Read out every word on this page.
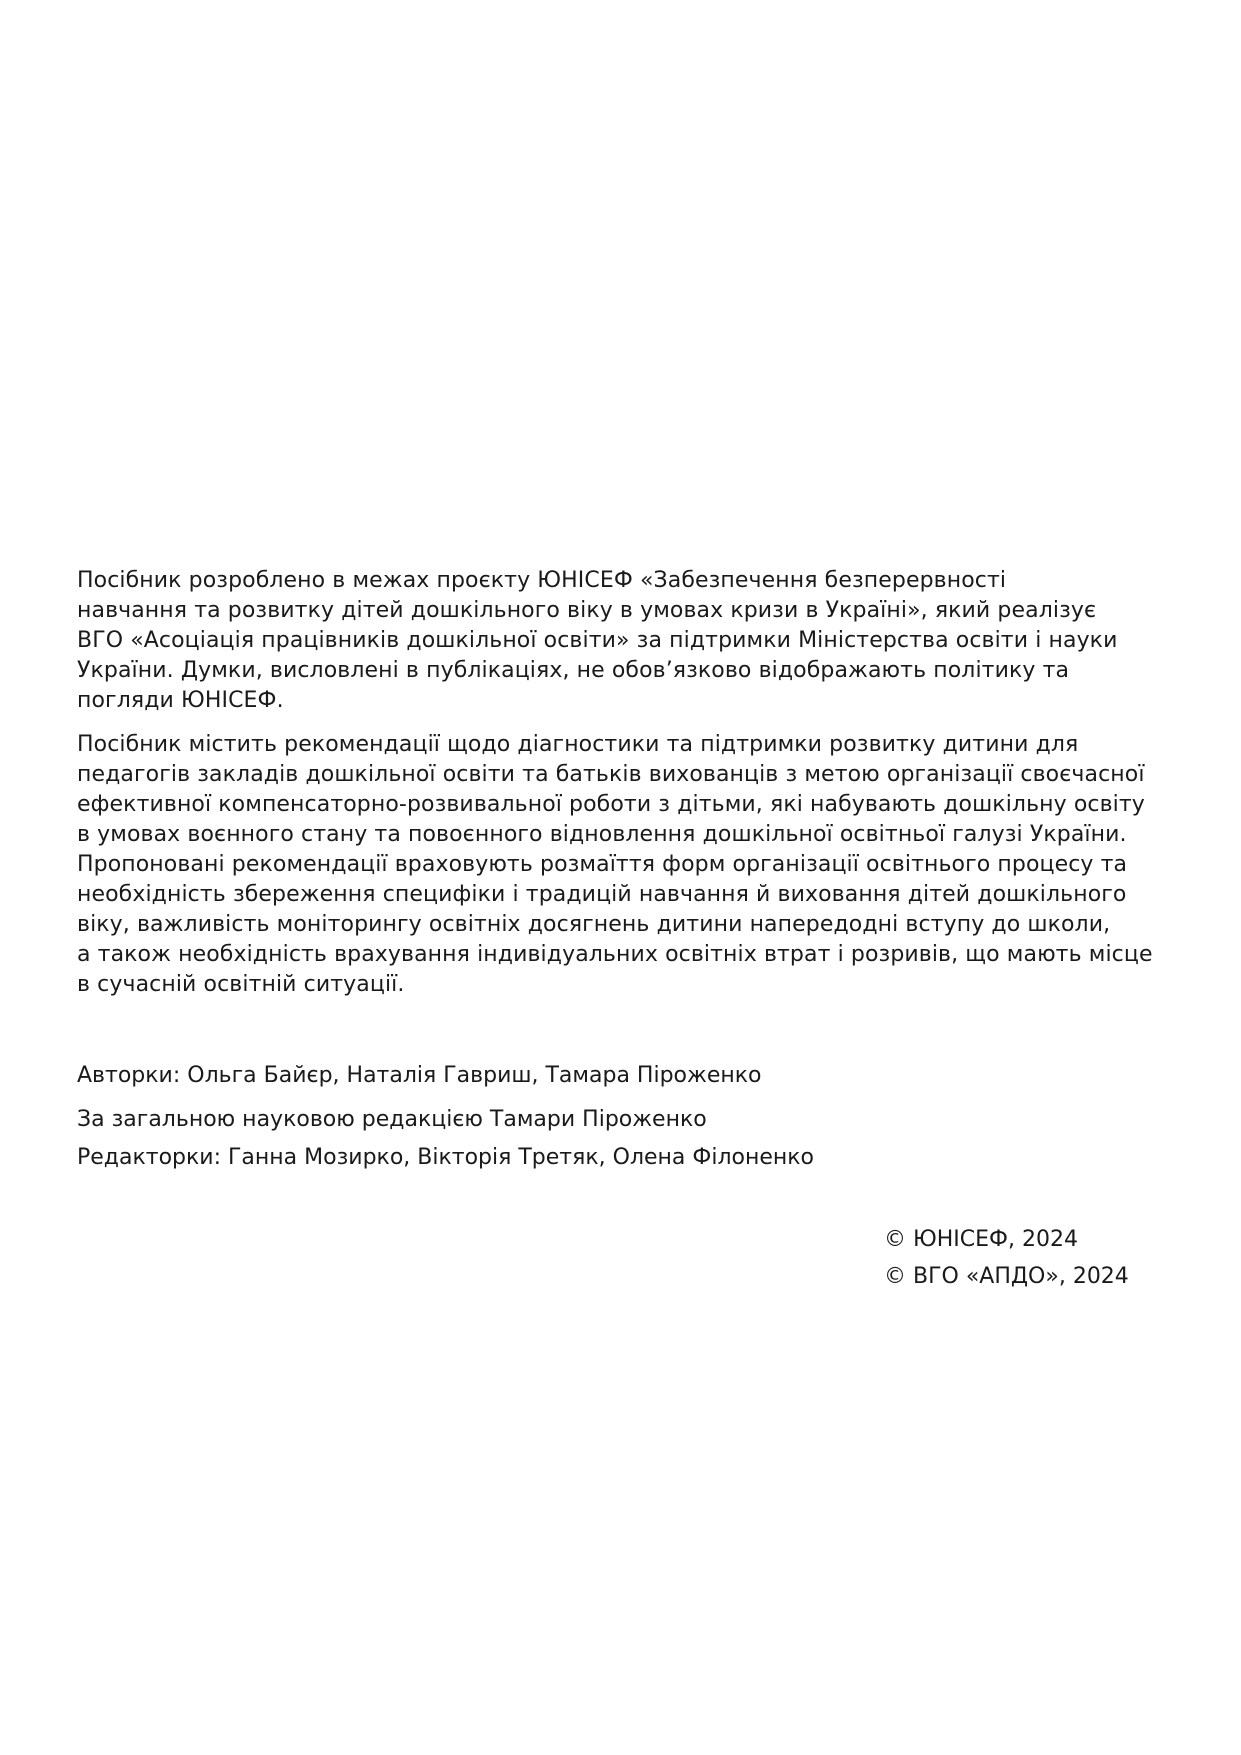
Посібник розроблено в межах проєкту ЮНІСЕФ «Забезпечення безперервності

навчання та розвитку дітей дошкільного віку в умовах кризи в Україні», який реалізує

ВГО «Асоціація працівників дошкільної освіти» за підтримки Міністерства освіти і науки

України. Думки, висловлені в публікаціях, не обов’язково відображають політику та

погляди ЮНІСЕФ.

Посібник містить рекомендації щодо діагностики та підтримки розвитку дитини для

педагогів закладів дошкільної освіти та батьків вихованців з метою організації своєчасної

ефективної компенсаторно-розвивальної роботи з дітьми, які набувають дошкільну освіту

в умовах воєнного стану та повоєнного відновлення дошкільної освітньої галузі України.

Пропоновані рекомендації враховують розмаїття форм організації освітнього процесу та

необхідність збереження специфіки і традицій навчання й виховання дітей дошкільного

віку, важливість моніторингу освітніх досягнень дитини напередодні вступу до школи,

а також необхідність врахування індивідуальних освітніх втрат і розривів, що мають місце

в сучасній освітній ситуації.

Авторки: Ольга Байєр, Наталія Гавриш, Тамара Піроженко
За загальною науковою редакцією Тамари Піроженко
Редакторки: Ганна Мозирко, Вікторія Третяк, Олена Філоненко
© ЮНІСЕФ, 2024
© ВГО «АПДО», 2024
